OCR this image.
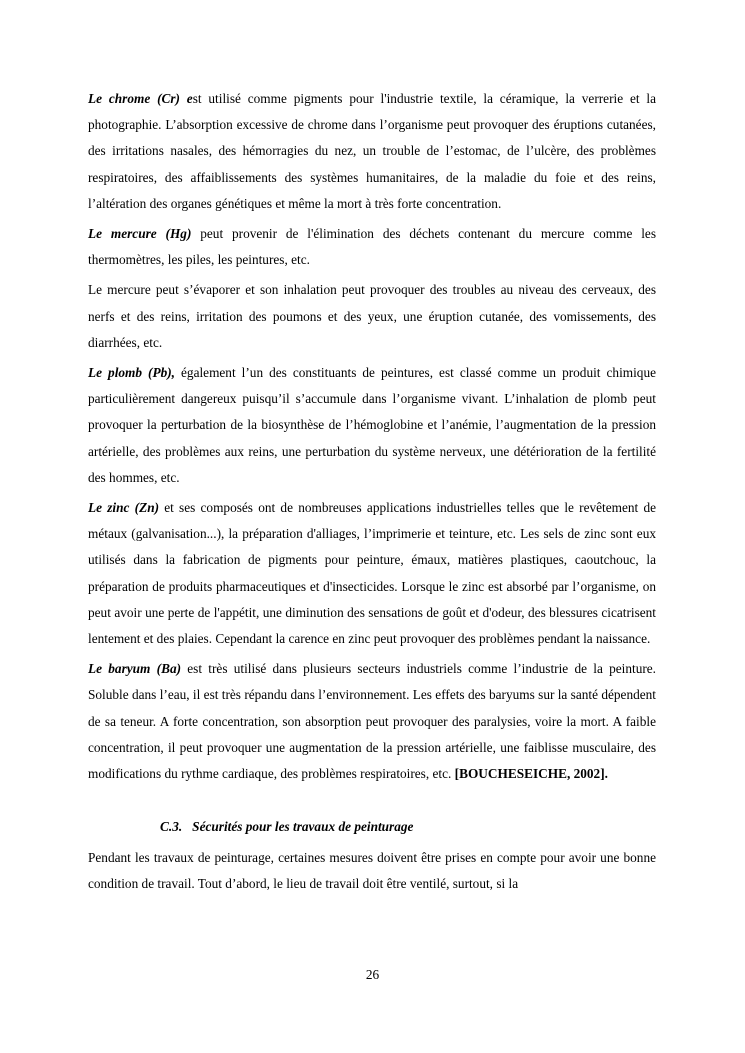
Le chrome (Cr) est utilisé comme pigments pour l'industrie textile, la céramique, la verrerie et la photographie. L’absorption excessive de chrome dans l’organisme peut provoquer des éruptions cutanées, des irritations nasales, des hémorragies du nez, un trouble de l’estomac, de l’ulcère, des problèmes respiratoires, des affaiblissements des systèmes humanitaires, de la maladie du foie et des reins, l’altération des organes génétiques et même la mort à très forte concentration.

Le mercure (Hg) peut provenir de l'élimination des déchets contenant du mercure comme les thermomètres, les piles, les peintures, etc.

Le mercure peut s’évaporer et son inhalation peut provoquer des troubles au niveau des cerveaux, des nerfs et des reins, irritation des poumons et des yeux, une éruption cutanée, des vomissements, des diarrhées, etc.

Le plomb (Pb), également l’un des constituants de peintures, est classé comme un produit chimique particulièrement dangereux puisqu’il s’accumule dans l’organisme vivant. L’inhalation de plomb peut provoquer la perturbation de la biosynthèse de l’hémoglobine et l’anémie, l’augmentation de la pression artérielle, des problèmes aux reins, une perturbation du système nerveux, une détérioration de la fertilité des hommes, etc.

Le zinc (Zn) et ses composés ont de nombreuses applications industrielles telles que le revêtement de métaux (galvanisation...), la préparation d'alliages, l’imprimerie et teinture, etc. Les sels de zinc sont eux utilisés dans la fabrication de pigments pour peinture, émaux, matières plastiques, caoutchouc, la préparation de produits pharmaceutiques et d'insecticides. Lorsque le zinc est absorbé par l’organisme, on peut avoir une perte de l'appétit, une diminution des sensations de goût et d'odeur, des blessures cicatrisent lentement et des plaies. Cependant la carence en zinc peut provoquer des problèmes pendant la naissance.

Le baryum (Ba) est très utilisé dans plusieurs secteurs industriels comme l’industrie de la peinture. Soluble dans l’eau, il est très répandu dans l’environnement. Les effets des baryums sur la santé dépendent de sa teneur. A forte concentration, son absorption peut provoquer des paralysies, voire la mort. A faible concentration, il peut provoquer une augmentation de la pression artérielle, une faiblisse musculaire, des modifications du rythme cardiaque, des problèmes respiratoires, etc. [BOUCHESEICHE, 2002].

C.3. Sécurités pour les travaux de peinturage

Pendant les travaux de peinturage, certaines mesures doivent être prises en compte pour avoir une bonne condition de travail. Tout d’abord, le lieu de travail doit être ventilé, surtout, si la

26
